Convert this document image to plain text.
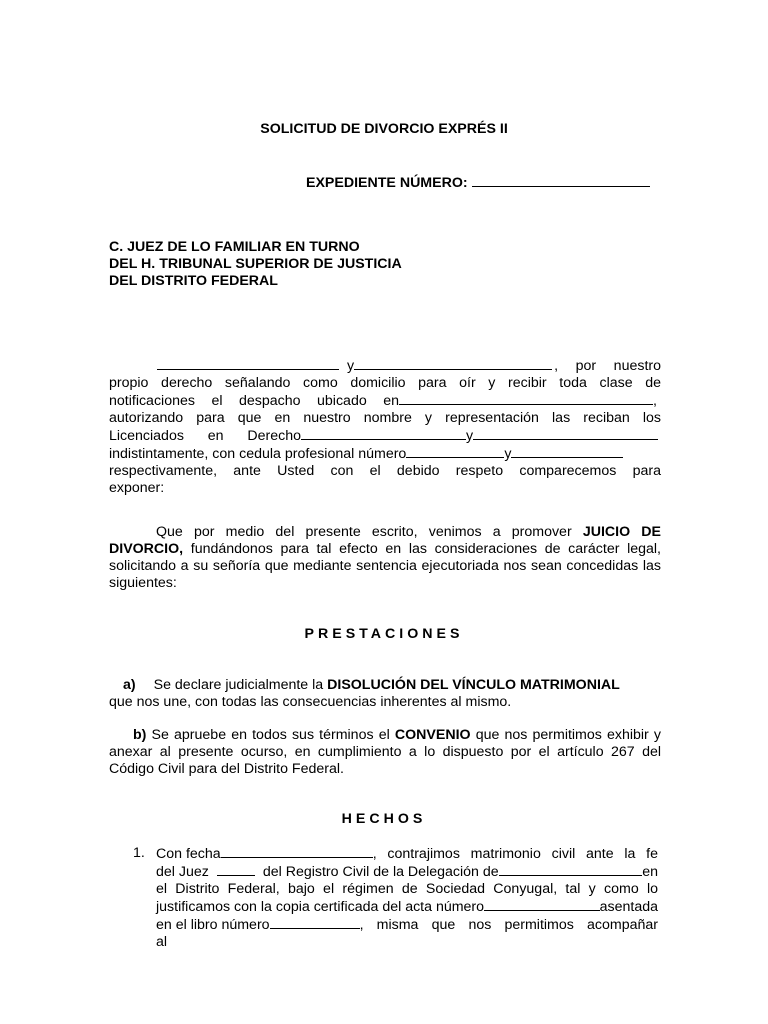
SOLICITUD DE DIVORCIO EXPRÉS II
EXPEDIENTE NÚMERO:
C. JUEZ DE LO FAMILIAR EN TURNO
DEL H. TRIBUNAL SUPERIOR DE JUSTICIA
DEL DISTRITO FEDERAL
y	, por nuestro
propio derecho señalando como domicilio para oír y recibir toda clase de
notificaciones el despacho ubicado en	,
autorizando para que en nuestro nombre y representación las reciban los
Licenciados en Derecho	y
indistintamente, con cedula profesional número	y
respectivamente, ante Usted con el debido respeto comparecemos para
exponer:
Que por medio del presente escrito, venimos a promover JUICIO DE DIVORCIO, fundándonos para tal efecto en las consideraciones de carácter legal, solicitando a su señoría que mediante sentencia ejecutoriada nos sean concedidas las siguientes:
PRESTACIONES
a) Se declare judicialmente la DISOLUCIÓN DEL VÍNCULO MATRIMONIAL
que nos une, con todas las consecuencias inherentes al mismo.
b) Se apruebe en todos sus términos el CONVENIO que nos permitimos exhibir y anexar al presente ocurso, en cumplimiento a lo dispuesto por el artículo 267 del Código Civil para del Distrito Federal.
HECHOS
1. Con fecha	, contrajimos matrimonio civil ante la fe
del Juez	del Registro Civil de la Delegación de	en
el Distrito Federal, bajo el régimen de Sociedad Conyugal, tal y como lo
justificamos con la copia certificada del acta número	asentada
en el libro número	, misma que nos permitimos acompañar
al
